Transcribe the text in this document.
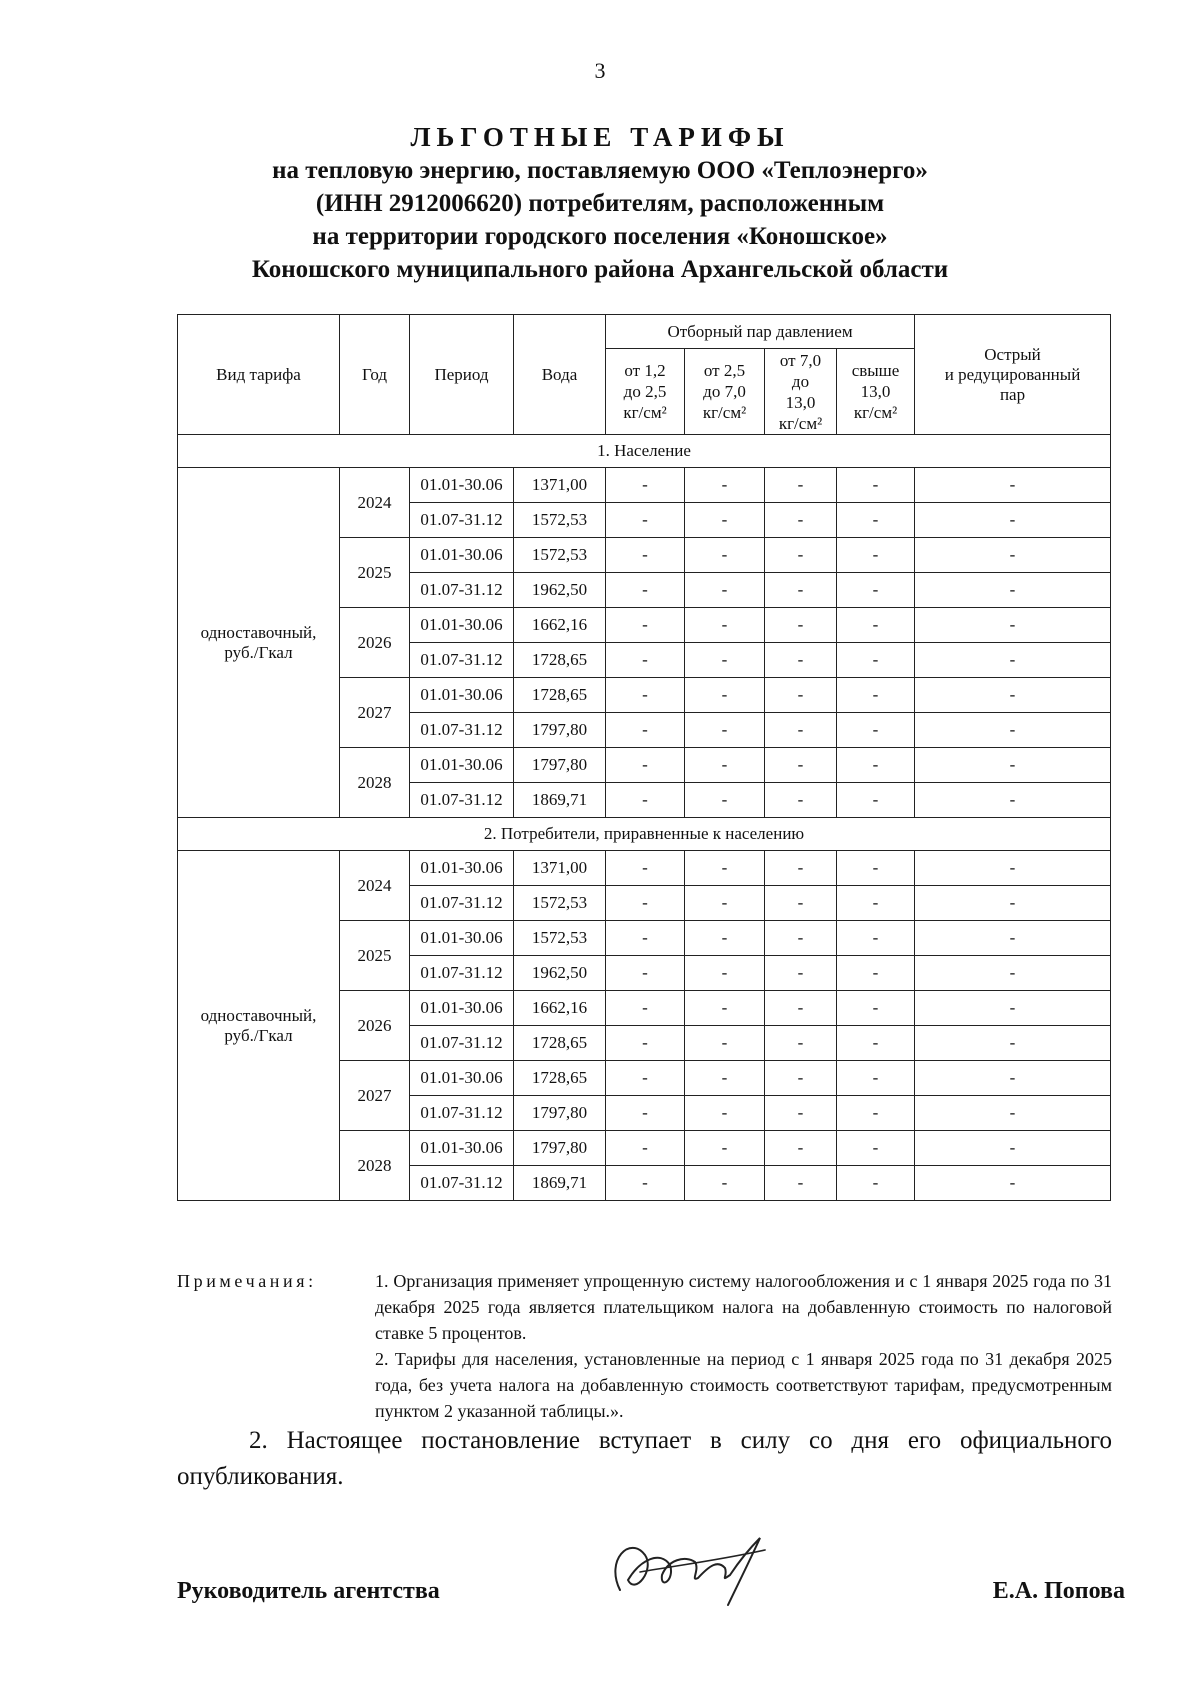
3
ЛЬГОТНЫЕ ТАРИФЫ
на тепловую энергию, поставляемую ООО «Теплоэнерго»
(ИНН 2912006620) потребителям, расположенным
на территории городского поселения «Коношское»
Коношского муниципального района Архангельской области
Вид тарифа	Год	Период	Вода	Отборный пар давлением				Острый
и редуцированный
пар
				от 1,2
до 2,5
кг/см²	от 2,5
до 7,0
кг/см²	от 7,0
до
13,0
кг/см²	свыше
13,0
кг/см²	
1. Население								
одноставочный,
руб./Гкал	2024	01.01-30.06	1371,00	-	-	-	-	-
		01.07-31.12	1572,53	-	-	-	-	-
	2025	01.01-30.06	1572,53	-	-	-	-	-
		01.07-31.12	1962,50	-	-	-	-	-
	2026	01.01-30.06	1662,16	-	-	-	-	-
		01.07-31.12	1728,65	-	-	-	-	-
	2027	01.01-30.06	1728,65	-	-	-	-	-
		01.07-31.12	1797,80	-	-	-	-	-
	2028	01.01-30.06	1797,80	-	-	-	-	-
		01.07-31.12	1869,71	-	-	-	-	-
2. Потребители, приравненные к населению								
одноставочный,
руб./Гкал	2024	01.01-30.06	1371,00	-	-	-	-	-
		01.07-31.12	1572,53	-	-	-	-	-
	2025	01.01-30.06	1572,53	-	-	-	-	-
		01.07-31.12	1962,50	-	-	-	-	-
	2026	01.01-30.06	1662,16	-	-	-	-	-
		01.07-31.12	1728,65	-	-	-	-	-
	2027	01.01-30.06	1728,65	-	-	-	-	-
		01.07-31.12	1797,80	-	-	-	-	-
	2028	01.01-30.06	1797,80	-	-	-	-	-
		01.07-31.12	1869,71	-	-	-	-	-
Примечания:	1. Организация применяет упрощенную систему налогообложения и с 1 января 2025 года по 31 декабря 2025 года является плательщиком налога на добавленную стоимость по налоговой ставке 5 процентов.

2. Тарифы для населения, установленные на период с 1 января 2025 года по 31 декабря 2025 года, без учета налога на добавленную стоимость соответствуют тарифам, предусмотренным пунктом 2 указанной таблицы.».

2. Настоящее постановление вступает в силу со дня его официального опубликования.

Руководитель агентства	Е.А. Попова
